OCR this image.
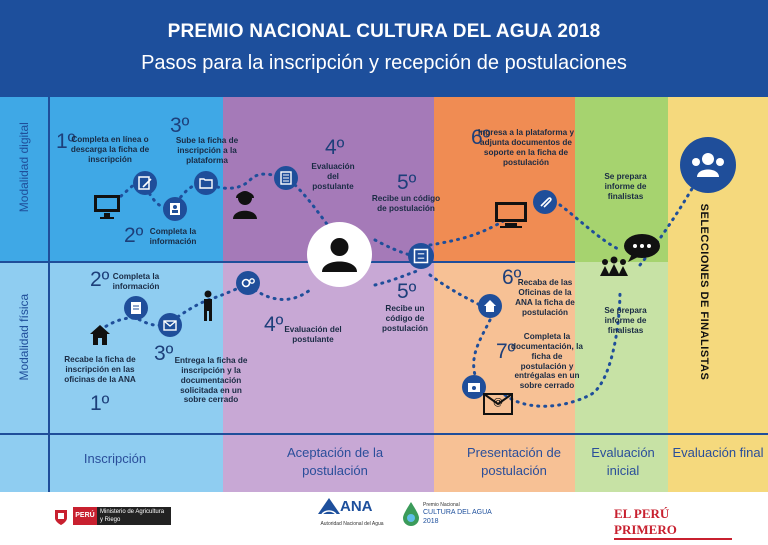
PREMIO NACIONAL CULTURA DEL AGUA 2018
Pasos para la inscripción y recepción de postulaciones
Modalidad digital
Modalidad física
1º
Completa en línea o descarga la ficha de inscripción
2º Completa la información
3º
Sube la ficha de inscripción a la plataforma
4º
Evaluación del postulante 5º
Recibe un código de postulación
6º
Ingresa a la plataforma y adjunta documentos de soporte en la ficha de postulación
Se prepara informe de finalistas
@
2º Completa la información
Recabe la ficha de inscripción en las oficinas de la ANA
1º
3º Entrega la ficha de inscripción y la documentación solicitada en un sobre cerrado
4º Evaluación del postulante
5º
Recibe un código de postulación
6º
Recaba de las Oficinas de la ANA la ficha de postulación
7º
Completa la documentación, la ficha de postulación y entrégalas en un sobre cerrado
Se prepara informe de finalistas	SELECCIONES DE FINALISTAS
Inscripción	Aceptación de la postulación
Presentación de postulación
Evaluación inicial
Evaluación final
PERÚ Ministerio de Agricultura y Riego
ANA
Autoridad Nacional del Agua
Premio Nacional
CULTURA DEL AGUA
2018
EL PERÚ PRIMERO
